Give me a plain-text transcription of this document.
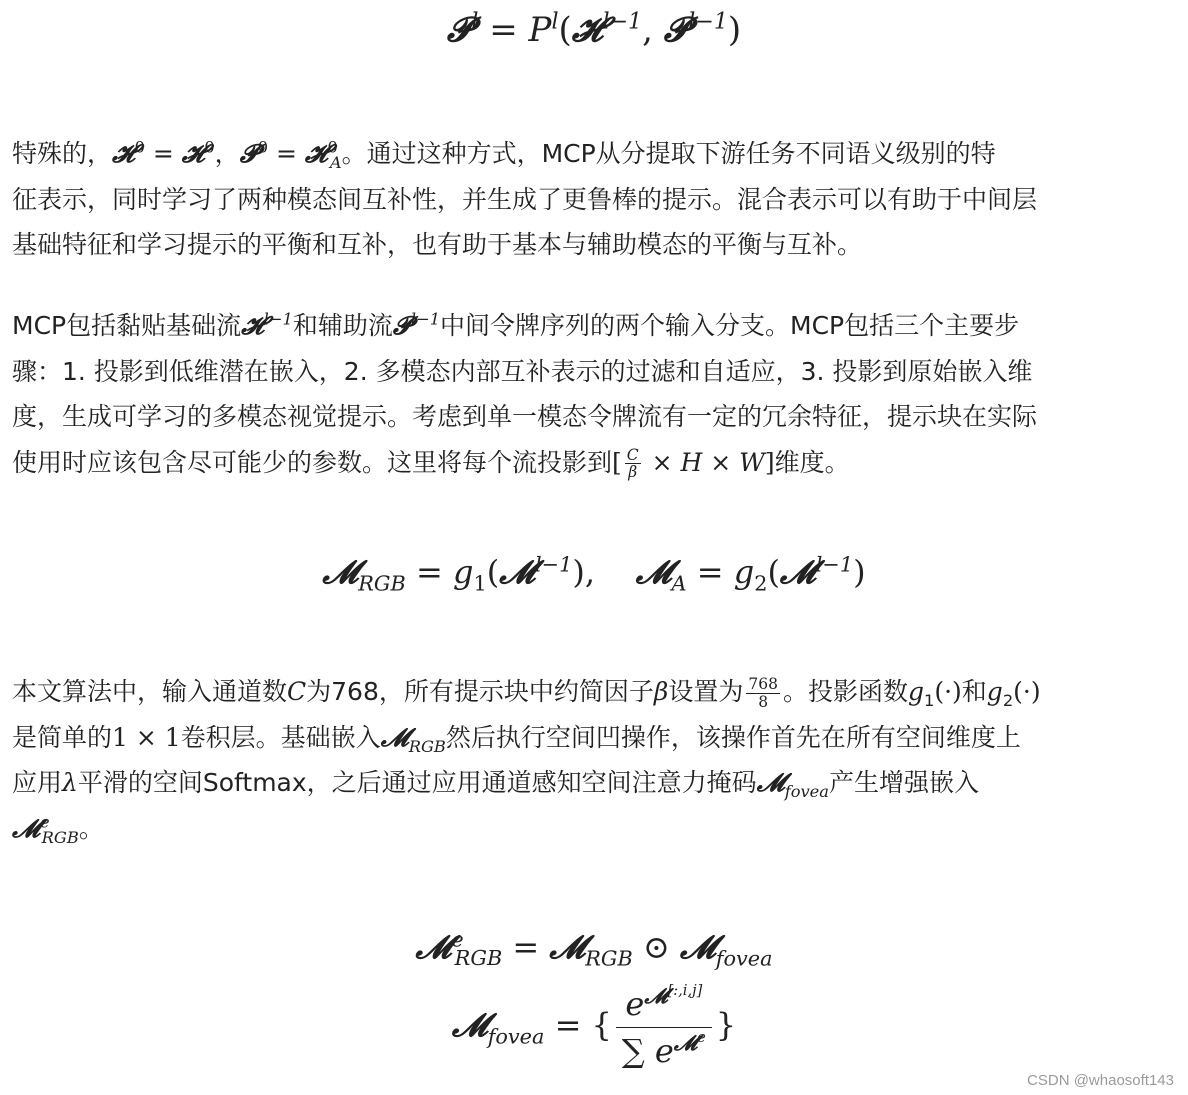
𝓟$^l$ = $P^l(𝓗^{l-1}$, 𝓟$^{l-1}$)
特殊的，𝓗$^0$ = 𝓗$^0$，𝓟$^0$ = 𝓗$^0_A$。通过这种方式，MCP从分提取下游任务不同语义级别的特
征表示，同时学习了两种模态间互补性，并生成了更鲁棒的提示。混合表示可以有助于中间层
基础特征和学习提示的平衡和互补，也有助于基本与辅助模态的平衡与互补。
MCP包括黏贴基础流𝓗$^{l-1}$和辅助流𝓟$^{l-1}$中间令牌序列的两个输入分支。MCP包括三个主要步
骤：1. 投影到低维潜在嵌入，2. 多模态内部互补表示的过滤和自适应，3. 投影到原始嵌入维
度，生成可学习的多模态视觉提示。考虑到单一模态令牌流有一定的冗余特征，提示块在实际
使用时应该包含尽可能少的参数。这里将每个流投影到[ $\frac{C}{\beta} \times H \times W$]维度。
𝓜$_{RGB}$ = $g_1(𝓜^{l-1})$,    𝓜$_A$ = $g_2(𝓜^{l-1})$
本文算法中，输入通道数C为768，所有提示块中约简因子β设置为 $\frac{768}{8}$ 。投影函数$g_1(\cdot)$和$g_2(\cdot)$
是简单的1 × 1卷积层。基础嵌入𝓜$_{RGB}$然后执行空间凹操作，该操作首先在所有空间维度上
应用λ平滑的空间Softmax，之后通过应用通道感知空间注意力掩码𝓜$_{fovea}$产生增强嵌入
𝓜$^e_{RGB}$。
𝓜$^e_{RGB}$ = 𝓜$_{RGB}$ ⊙ 𝓜$_{fovea}$
𝓜$_{fovea}$ = { $\frac{e^{𝓜^{[:,i,j]}}}{\sum e^{𝓜^e}}$ }
CSDN @whaosoft143
